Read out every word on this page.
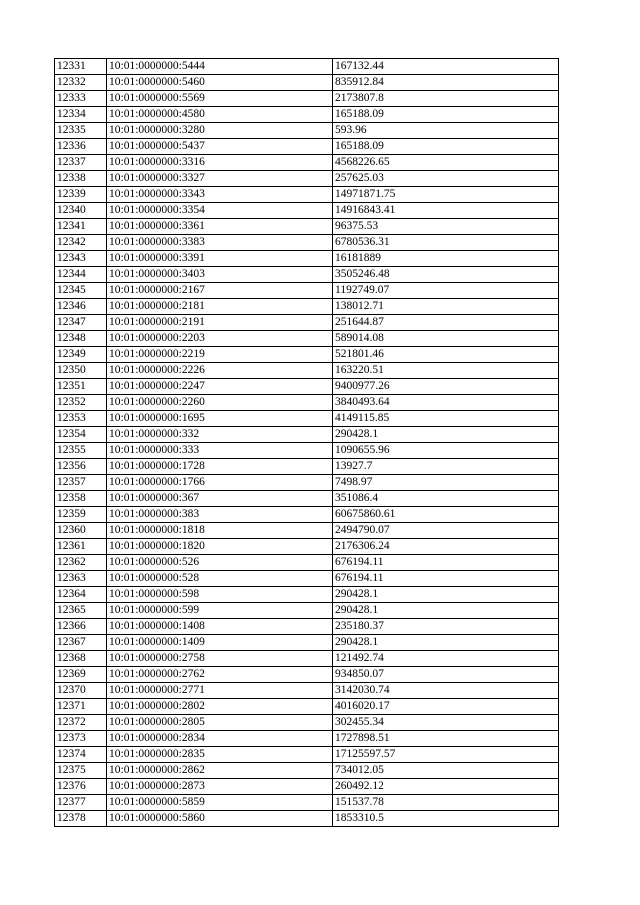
12331	10:01:0000000:5444	167132.44
12332	10:01:0000000:5460	835912.84
12333	10:01:0000000:5569	2173807.8
12334	10:01:0000000:4580	165188.09
12335	10:01:0000000:3280	593.96
12336	10:01:0000000:5437	165188.09
12337	10:01:0000000:3316	4568226.65
12338	10:01:0000000:3327	257625.03
12339	10:01:0000000:3343	14971871.75
12340	10:01:0000000:3354	14916843.41
12341	10:01:0000000:3361	96375.53
12342	10:01:0000000:3383	6780536.31
12343	10:01:0000000:3391	16181889
12344	10:01:0000000:3403	3505246.48
12345	10:01:0000000:2167	1192749.07
12346	10:01:0000000:2181	138012.71
12347	10:01:0000000:2191	251644.87
12348	10:01:0000000:2203	589014.08
12349	10:01:0000000:2219	521801.46
12350	10:01:0000000:2226	163220.51
12351	10:01:0000000:2247	9400977.26
12352	10:01:0000000:2260	3840493.64
12353	10:01:0000000:1695	4149115.85
12354	10:01:0000000:332	290428.1
12355	10:01:0000000:333	1090655.96
12356	10:01:0000000:1728	13927.7
12357	10:01:0000000:1766	7498.97
12358	10:01:0000000:367	351086.4
12359	10:01:0000000:383	60675860.61
12360	10:01:0000000:1818	2494790.07
12361	10:01:0000000:1820	2176306.24
12362	10:01:0000000:526	676194.11
12363	10:01:0000000:528	676194.11
12364	10:01:0000000:598	290428.1
12365	10:01:0000000:599	290428.1
12366	10:01:0000000:1408	235180.37
12367	10:01:0000000:1409	290428.1
12368	10:01:0000000:2758	121492.74
12369	10:01:0000000:2762	934850.07
12370	10:01:0000000:2771	3142030.74
12371	10:01:0000000:2802	4016020.17
12372	10:01:0000000:2805	302455.34
12373	10:01:0000000:2834	1727898.51
12374	10:01:0000000:2835	17125597.57
12375	10:01:0000000:2862	734012.05
12376	10:01:0000000:2873	260492.12
12377	10:01:0000000:5859	151537.78
12378	10:01:0000000:5860	1853310.5
